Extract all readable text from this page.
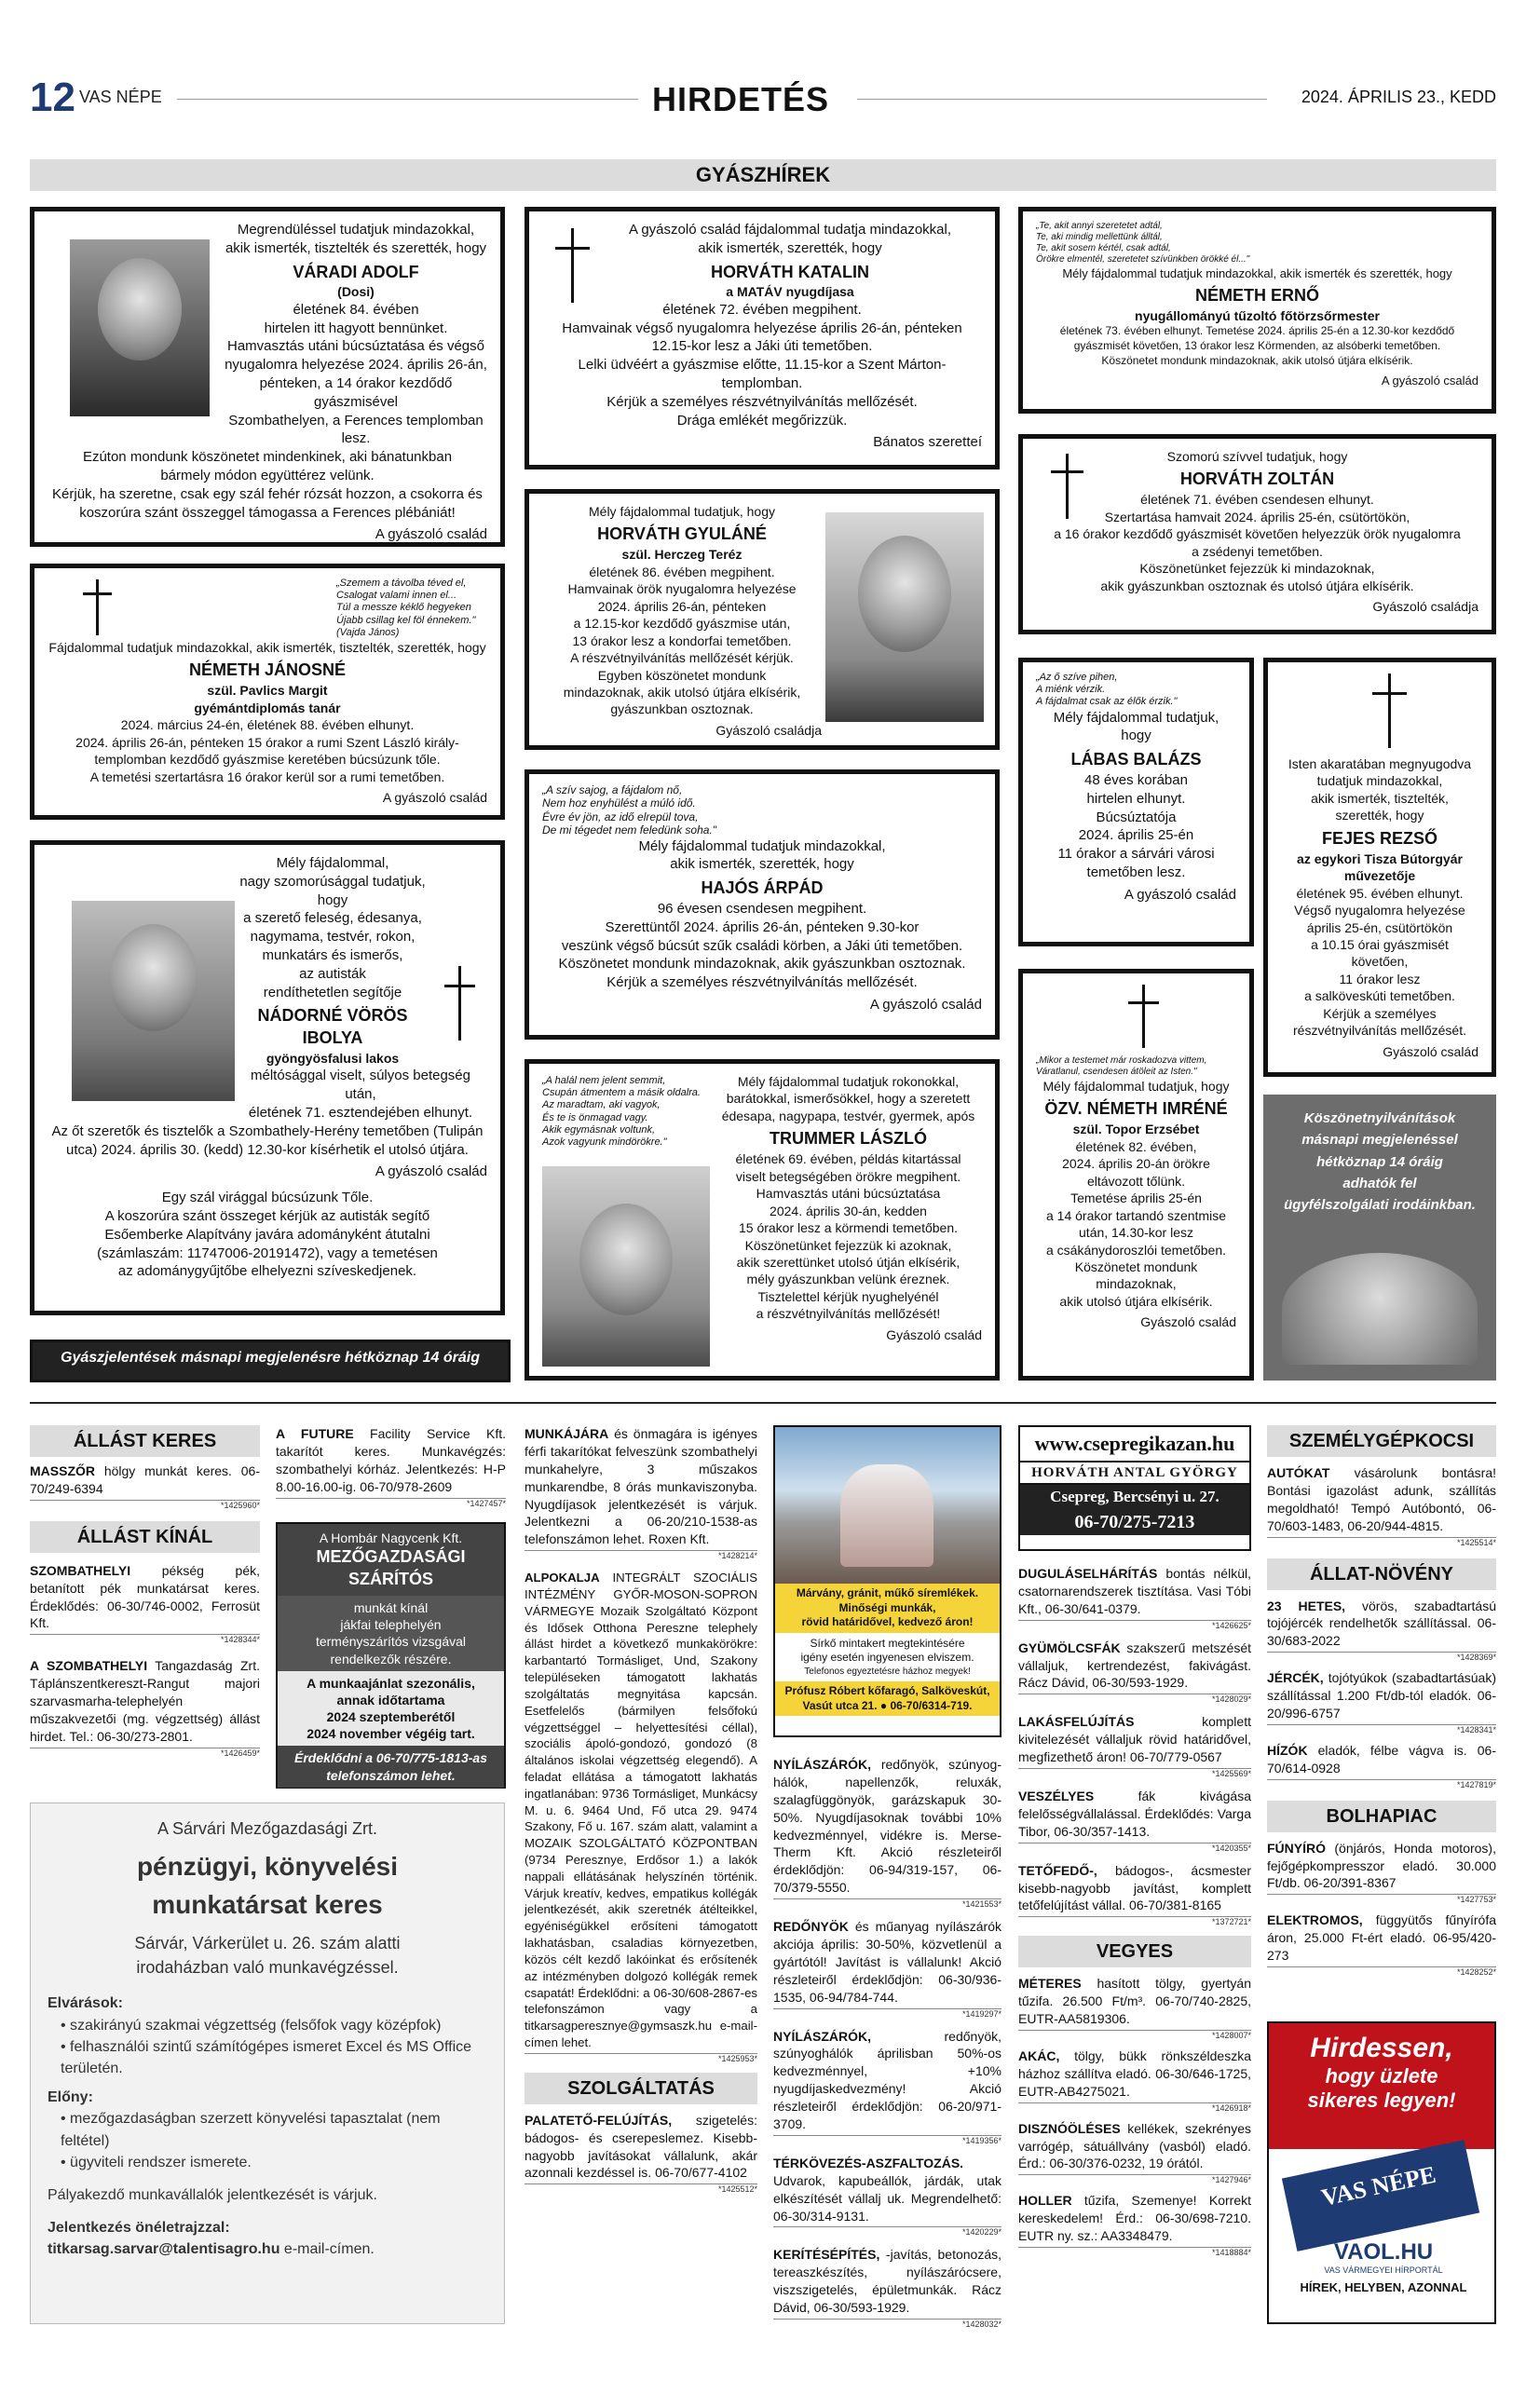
12 VAS NÉPE	HIRDETÉS	2024. ÁPRILIS 23., KEDD
GYÁSZHÍREK
Megrendüléssel tudatjuk mindazokkal,
akik ismerték, tisztelték és szerették, hogy
VÁRADI ADOLF
(Dosi)
életének 84. évében
hirtelen itt hagyott bennünket.
Hamvasztás utáni búcsúztatása és végső
nyugalomra helyezése 2024. április 26-án,
pénteken, a 14 órakor kezdődő gyászmisével
Szombathelyen, a Ferences templomban lesz.
Ezúton mondunk köszönetet mindenkinek, aki bánatunkban
bármely módon együttérez velünk.
Kérjük, ha szeretne, csak egy szál fehér rózsát hozzon, a csokorra és
koszorúra szánt összeggel támogassa a Ferences plébániát!
A gyászoló család
„Szemem a távolba téved el,
Csalogat valami innen el...
Túl a messze kéklő hegyeken
Újabb csillag kel föl énnekem."
(Vajda János)
Fájdalommal tudatjuk mindazokkal, akik ismerték, tisztelték, szerették, hogy
NÉMETH JÁNOSNÉ
szül. Pavlics Margit
gyémántdiplomás tanár
2024. március 24-én, életének 88. évében elhunyt.
2024. április 26-án, pénteken 15 órakor a rumi Szent László király-
templomban kezdődő gyászmise keretében búcsúzunk tőle.
A temetési szertartásra 16 órakor kerül sor a rumi temetőben.
A gyászoló család
Mély fájdalommal,
nagy szomorúsággal tudatjuk, hogy
a szerető feleség, édesanya,
nagymama, testvér, rokon,
munkatárs és ismerős,
az autisták
rendíthetetlen segítője
NÁDORNÉ VÖRÖS IBOLYA
gyöngyösfalusi lakos
méltósággal viselt, súlyos betegség után,
életének 71. esztendejében elhunyt.
Az őt szeretők és tisztelők a Szombathely-Herény temetőben (Tulipán
utca) 2024. április 30. (kedd) 12.30-kor kísérhetik el utolsó útjára.
A gyászoló család
Egy szál virággal búcsúzunk Tőle.
A koszorúra szánt összeget kérjük az autisták segítő
Esőemberke Alapítvány javára adományként átutalni
(számlaszám: 11747006-20191472), vagy a temetésen
az adománygyűjtőbe elhelyezni szíveskedjenek.
Gyászjelentések másnapi megjelenésre hétköznap 14 óráig adhatók fel.
A gyászoló család fájdalommal tudatja mindazokkal,
akik ismerték, szerették, hogy
HORVÁTH KATALIN
a MATÁV nyugdíjasa
életének 72. évében megpihent.
Hamvainak végső nyugalomra helyezése április 26-án, pénteken
12.15-kor lesz a Jáki úti temetőben.
Lelki üdvéért a gyászmise előtte, 11.15-kor a Szent Márton-templomban.
Kérjük a személyes részvétnyilvánítás mellőzését.
Drága emlékét megőrizzük.
Bánatos szeretteí
Mély fájdalommal tudatjuk, hogy
HORVÁTH GYULÁNÉ
szül. Herczeg Teréz
életének 86. évében megpihent.
Hamvainak örök nyugalomra helyezése
2024. április 26-án, pénteken
a 12.15-kor kezdődő gyászmise után,
13 órakor lesz a kondorfai temetőben.
A részvétnyilvánítás mellőzését kérjük.
Egyben köszönetet mondunk
mindazoknak, akik utolsó útjára elkísérik,
gyászunkban osztoznak.
Gyászoló családja
„A szív sajog, a fájdalom nő,
Nem hoz enyhülést a múló idő.
Évre év jön, az idő elrepül tova,
De mi tégedet nem feledünk soha."
Mély fájdalommal tudatjuk mindazokkal,
akik ismerték, szerették, hogy
HAJÓS ÁRPÁD
96 évesen csendesen megpihent.
Szerettüntől 2024. április 26-án, pénteken 9.30-kor
veszünk végső búcsút szűk családi körben, a Jáki úti temetőben.
Köszönetet mondunk mindazoknak, akik gyászunkban osztoznak.
Kérjük a személyes részvétnyilvánítás mellőzését.
A gyászoló család
„A halál nem jelent semmit,
Csupán átmentem a másik oldalra.
Az maradtam, aki vagyok,
És te is önmagad vagy.
Akik egymásnak voltunk,
Azok vagyunk mindörökre."
Mély fájdalommal tudatjuk rokonokkal,
barátokkal, ismerősökkel, hogy a szeretett
édesapa, nagypapa, testvér, gyermek, após
TRUMMER LÁSZLÓ
életének 69. évében, példás kitartással
viselt betegségében örökre megpihent.
Hamvasztás utáni búcsúztatása
2024. április 30-án, kedden
15 órakor lesz a körmendi temetőben.
Köszönetünket fejezzük ki azoknak,
akik szerettünket utolsó útján elkísérik,
mély gyászunkban velünk éreznek.
Tisztelettel kérjük nyughelyénél
a részvétnyilvánítás mellőzését!
Gyászoló család
„Te, akit annyi szeretetet adtál,
Te, aki mindig mellettünk álltál,
Te, akit sosem kértél, csak adtál,
Örökre elmentél, szeretetet szívünkben örökké él..."
Mély fájdalommal tudatjuk mindazokkal, akik ismerték és szerették, hogy
NÉMETH ERNŐ
nyugállományú tűzoltó főtörzsőrmester
életének 73. évében elhunyt. Temetése 2024. április 25-én a 12.30-kor kezdődő
gyászmisét követően, 13 órakor lesz Körmenden, az alsóberki temetőben.
Köszönetet mondunk mindazoknak, akik utolsó útjára elkísérik.
A gyászoló család
Szomorú szívvel tudatjuk, hogy
HORVÁTH ZOLTÁN
életének 71. évében csendesen elhunyt.
Szertartása hamvait 2024. április 25-én, csütörtökön,
a 16 órakor kezdődő gyászmisét követően helyezzük örök nyugalomra
a zsédenyi temetőben.
Köszönetünket fejezzük ki mindazoknak,
akik gyászunkban osztoznak és utolsó útjára elkísérik.
Gyászoló családja
„Az ő szíve pihen,
A miénk vérzik.
A fájdalmat csak az élők érzik."
Mély fájdalommal tudatjuk,
hogy
LÁBAS BALÁZS
48 éves korában
hirtelen elhunyt.
Búcsúztatója
2024. április 25-én
11 órakor a sárvári városi
temetőben lesz.
A gyászoló család
Isten akaratában megnyugodva
tudatjuk mindazokkal,
akik ismerték, tisztelték,
szerették, hogy
FEJES REZSŐ
az egykori Tisza Bútorgyár
művezetője
életének 95. évében elhunyt.
Végső nyugalomra helyezése
április 25-én, csütörtökön
a 10.15 órai gyászmisét követően,
11 órakor lesz
a salköveskúti temetőben.
Kérjük a személyes
részvétnyilvánítás mellőzését.
Gyászoló család
„Mikor a testemet már roskadozva vittem,
Váratlanul, csendesen átöleit az Isten."
Mély fájdalommal tudatjuk, hogy
ÖZV. NÉMETH IMRÉNÉ
szül. Topor Erzsébet
életének 82. évében,
2024. április 20-án örökre
eltávozott tőlünk.
Temetése április 25-én
a 14 órakor tartandó szentmise
után, 14.30-kor lesz
a csákánydoroszlói temetőben.
Köszönetet mondunk
mindazoknak,
akik utolsó útjára elkísérik.
Gyászoló család
Köszönetnyilvánítások
másnapi megjelenéssel
hétköznap 14 óráig
adhatók fel
ügyfélszolgálati irodáinkban.
ÁLLÁST KERES
MASSZŐR hölgy munkát keres. 06-70/249-6394
*1425960*
ÁLLÁST KÍNÁL
SZOMBATHELYI pékség pék, betanított pék munkatársat keres. Érdeklődés: 06-30/746-0002, Ferrosüt Kft.
*1428344*
A SZOMBATHELYI Tangazdaság Zrt. Táplánszentkereszt-Rangut majori szarvasmarha-telephelyén műszakvezetői (mg. végzettség) állást hirdet. Tel.: 06-30/273-2801.
*1426459*
A FUTURE Facility Service Kft. takarítót keres. Munkavégzés: szombathelyi kórház. Jelentkezés: H-P 8.00-16.00-ig. 06-70/978-2609
*1427457*
A Hombár Nagycenk Kft.
MEZŐGAZDASÁGI
SZÁRÍTÓS
munkát kínál
jákfai telephelyén
terményszárítós vizsgával
rendelkezők részére.
A munkaajánlat szezonális,
annak időtartama
2024 szeptemberétől
2024 november végéig tart.
Érdeklődni a 06-70/775-1813-as
telefonszámon lehet.
A Sárvári Mezőgazdasági Zrt.
pénzügyi, könyvelési
munkatársat keres
Sárvár, Várkerület u. 26. szám alatti
irodaházban való munkavégzéssel.
Elvárások:
• szakirányú szakmai végzettség (felsőfok vagy középfok)
• felhasználói szintű számítógépes ismeret Excel és MS Office területén.
Előny:
• mezőgazdaságban szerzett könyvelési tapasztalat (nem feltétel)
• ügyviteli rendszer ismerete.
Pályakezdő munkavállalók jelentkezését is várjuk.
Jelentkezés önéletrajzzal:
titkarsag.sarvar@talentisagro.hu e-mail-címen.
MUNKÁJÁRA és önmagára is igényes férfi takarítókat felveszünk szombathelyi munkahelyre, 3 műszakos munkarendbe, 8 órás munkaviszonyba. Nyugdíjasok jelentkezését is várjuk. Jelentkezni a 06-20/210-1538-as telefonszámon lehet. Roxen Kft.
*1428214*
ALPOKALJA INTEGRÁLT SZOCIÁLIS INTÉZMÉNY GYŐR-MOSON-SOPRON VÁRMEGYE Mozaik Szolgáltató Központ és Idősek Otthona Pereszne telephely állást hirdet a következő munkakörökre: karbantartó Tormásliget, Und, Szakony településeken támogatott lakhatás szolgáltatás megnyitása kapcsán. Esetfelelős (bármilyen felsőfokú végzettséggel – helyettesítési céllal), szociális ápoló-gondozó, gondozó (8 általános iskolai végzettség elegendő). A feladat ellátása a támogatott lakhatás ingatlanában: 9736 Tormásliget, Munkácsy M. u. 6. 9464 Und, Fő utca 29. 9474 Szakony, Fő u. 167. szám alatt, valamint a MOZAIK SZOLGÁLTATÓ KÖZPONTBAN (9734 Peresznye, Erdősor 1.) a lakók nappali ellátásának helyszínén történik. Várjuk kreatív, kedves, empatikus kollégák jelentkezését, akik szeretnék átélteikkel, egyéniségükkel erősíteni támogatott lakhatásban, csaladias környezetben, közös célt kezdő lakóinkat és erősítenék az intézményben dolgozó kollégák remek csapatát! Érdeklődni: a 06-30/608-2867-es telefonszámon vagy a titkarsagperesznye@gymsaszk.hu e-mail-címen lehet.
*1425953*
SZOLGÁLTATÁS
PALATETŐ-FELÚJÍTÁS, szigetelés: bádogos- és cserepeslemez. Kisebb-nagyobb javításokat vállalunk, akár azonnali kezdéssel is. 06-70/677-4102
*1425512*
Márvány, gránit, műkő síremlékek.
Minőségi munkák,
rövid határidővel, kedvező áron!
Sírkő mintakert megtekintésére
igény esetén ingyenesen elviszem.
Telefonos egyeztetésre házhoz megyek!
Prófusz Róbert kőfaragó, Salköveskút,
Vasút utca 21. ● 06-70/6314-719.
NYÍLÁSZÁRÓK, redőnyök, szúnyog-hálók, napellenzők, reluxák, szalagfüggönyök, garázskapuk 30-50%. Nyugdíjasoknak további 10% kedvezménnyel, vidékre is. Merse-Therm Kft. Akció részleteiről érdeklődjön: 06-94/319-157, 06-70/379-5550.
*1421553*
REDŐNYÖK és műanyag nyílászárók akciója április: 30-50%, közvetlenül a gyártótól! Javítást is vállalunk! Akció részleteiről érdeklődjön: 06-30/936-1535, 06-94/784-744.
*1419297*
NYÍLÁSZÁRÓK, redőnyök, szúnyoghálók áprilisban 50%-os kedvezménnyel, +10% nyugdíjaskedvezmény! Akció részleteiről érdeklődjön: 06-20/971-3709.
*1419356*
TÉRKÖVEZÉS-ASZFALTOZÁS. Udvarok, kapubeállók, járdák, utak elkészítését vállalj uk. Megrendelhető: 06-30/314-9131.
*1420229*
KERÍTÉSÉPÍTÉS, -javítás, betonozás, tereaszkészítés, nyílászárócsere, viszszigetelés, épületmunkák. Rácz Dávid, 06-30/593-1929.
*1428032*
www.csepregikazan.hu
HORVÁTH ANTAL GYÖRGY
Csepreg, Bercsényi u. 27.
06-70/275-7213
DUGULÁSELHÁRÍTÁS bontás nélkül, csatornarendszerek tisztítása. Vasi Tóbi Kft., 06-30/641-0379.
*1426625*
GYÜMÖLCSFÁK szakszerű metszését vállaljuk, kertrendezést, fakivágást. Rácz Dávid, 06-30/593-1929.
*1428029*
LAKÁSFELÚJÍTÁS komplett kivitelezését vállaljuk rövid határidővel, megfizethető áron! 06-70/779-0567
*1425569*
VESZÉLYES fák kivágása felelősségvállalással. Érdeklődés: Varga Tibor, 06-30/357-1413.
*1420355*
TETŐFEDŐ-, bádogos-, ácsmester kisebb-nagyobb javítást, komplett tetőfelújítást vállal. 06-70/381-8165
*1372721*
VEGYES
MÉTERES hasított tölgy, gyertyán tűzifa. 26.500 Ft/m³. 06-70/740-2825, EUTR-AA5819306.
*1428007*
AKÁC, tölgy, bükk rönkszéldeszka házhoz szállítva eladó. 06-30/646-1725, EUTR-AB4275021.
*1426918*
DISZNÓÖLÉSES kellékek, szekrényes varrógép, sátuállvány (vasból) eladó. Érd.: 06-30/376-0232, 19 órától.
*1427946*
HOLLER tűzifa, Szemenye! Korrekt kereskedelem! Érd.: 06-30/698-7210. EUTR ny. sz.: AA3348479.
*1418884*
SZEMÉLYGÉPKOCSI
AUTÓKAT vásárolunk bontásra! Bontási igazolást adunk, szállítás megoldható! Tempó Autóbontó, 06-70/603-1483, 06-20/944-4815.
*1425514*
ÁLLAT-NÖVÉNY
23 HETES, vörös, szabadtartású tojójércék rendelhetők szállítással. 06-30/683-2022
*1428369*
JÉRCÉK, tojótyúkok (szabadtartásúak) szállítással 1.200 Ft/db-tól eladók. 06-20/996-6757
*1428341*
HÍZÓK eladók, félbe vágva is. 06-70/614-0928
*1427819*
BOLHAPIAC
FÚNYÍRÓ (önjárós, Honda motoros), fejőgépkompresszor eladó. 30.000 Ft/db. 06-20/391-8367
*1427753*
ELEKTROMOS, függyütős fűnyírófa áron, 25.000 Ft-ért eladó. 06-95/420-273
*1428252*
Hirdessen,
hogy üzlete
sikeres legyen!
VAS NÉPE
VAOL.HU
VAS VÁRMEGYEI HÍRPORTÁL
HÍREK, HELYBEN, AZONNAL
